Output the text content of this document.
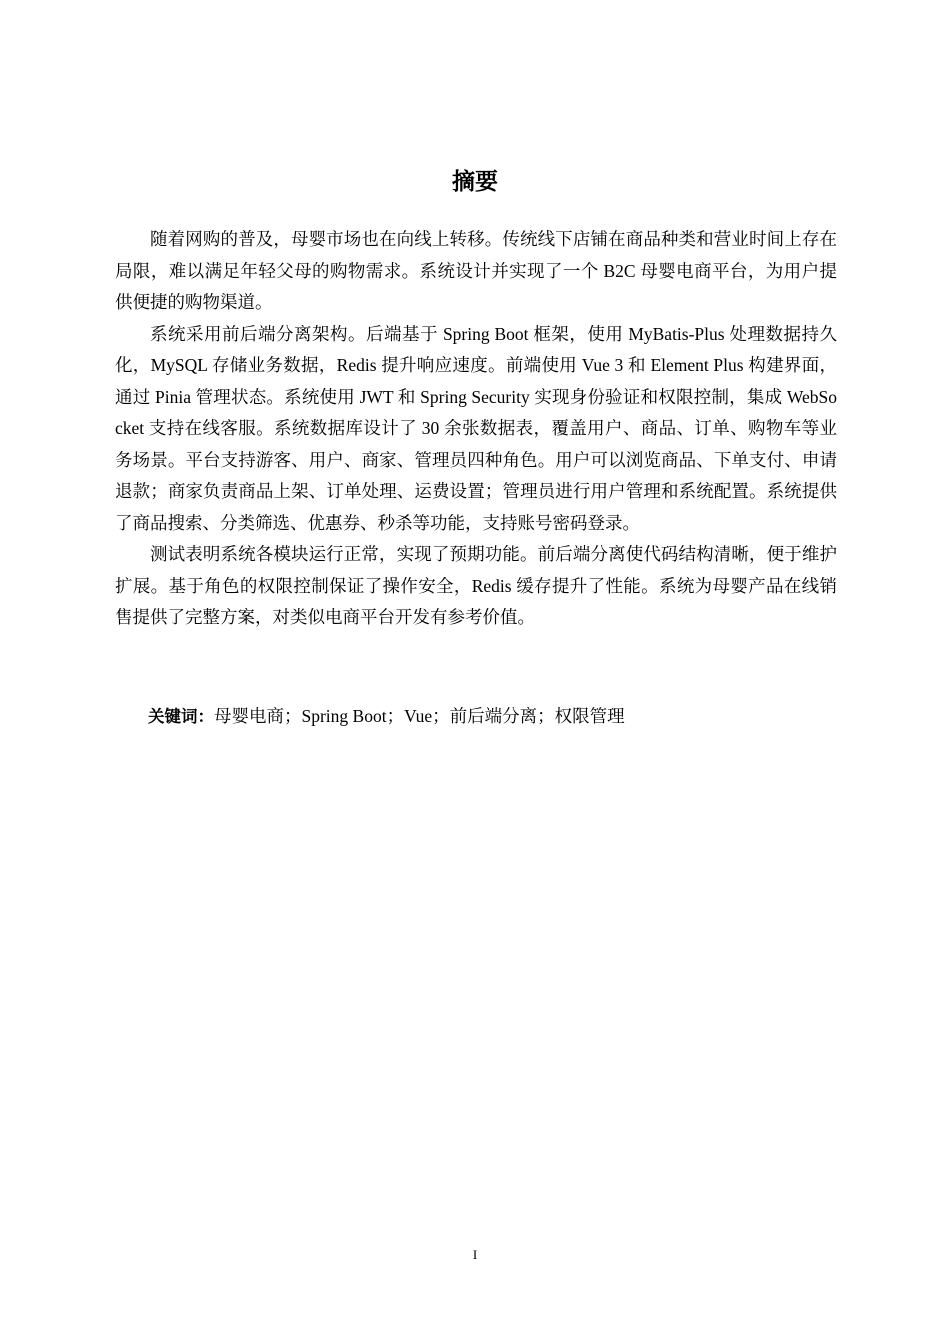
摘要

随着网购的普及，母婴市场也在向线上转移。传统线下店铺在商品种类和营业时间上存在局限，难以满足年轻父母的购物需求。系统设计并实现了一个 B2C 母婴电商平台，为用户提供便捷的购物渠道。

系统采用前后端分离架构。后端基于 Spring Boot 框架，使用 MyBatis-Plus 处理数据持久化，MySQL 存储业务数据，Redis 提升响应速度。前端使用 Vue 3 和 Element Plus 构建界面，通过 Pinia 管理状态。系统使用 JWT 和 Spring Security 实现身份验证和权限控制，集成 WebSocket 支持在线客服。系统数据库设计了 30 余张数据表，覆盖用户、商品、订单、购物车等业务场景。平台支持游客、用户、商家、管理员四种角色。用户可以浏览商品、下单支付、申请退款；商家负责商品上架、订单处理、运费设置；管理员进行用户管理和系统配置。系统提供了商品搜索、分类筛选、优惠券、秒杀等功能，支持账号密码登录。

测试表明系统各模块运行正常，实现了预期功能。前后端分离使代码结构清晰，便于维护扩展。基于角色的权限控制保证了操作安全，Redis 缓存提升了性能。系统为母婴产品在线销售提供了完整方案，对类似电商平台开发有参考价值。

关键词：母婴电商；Spring Boot；Vue；前后端分离；权限管理
I
